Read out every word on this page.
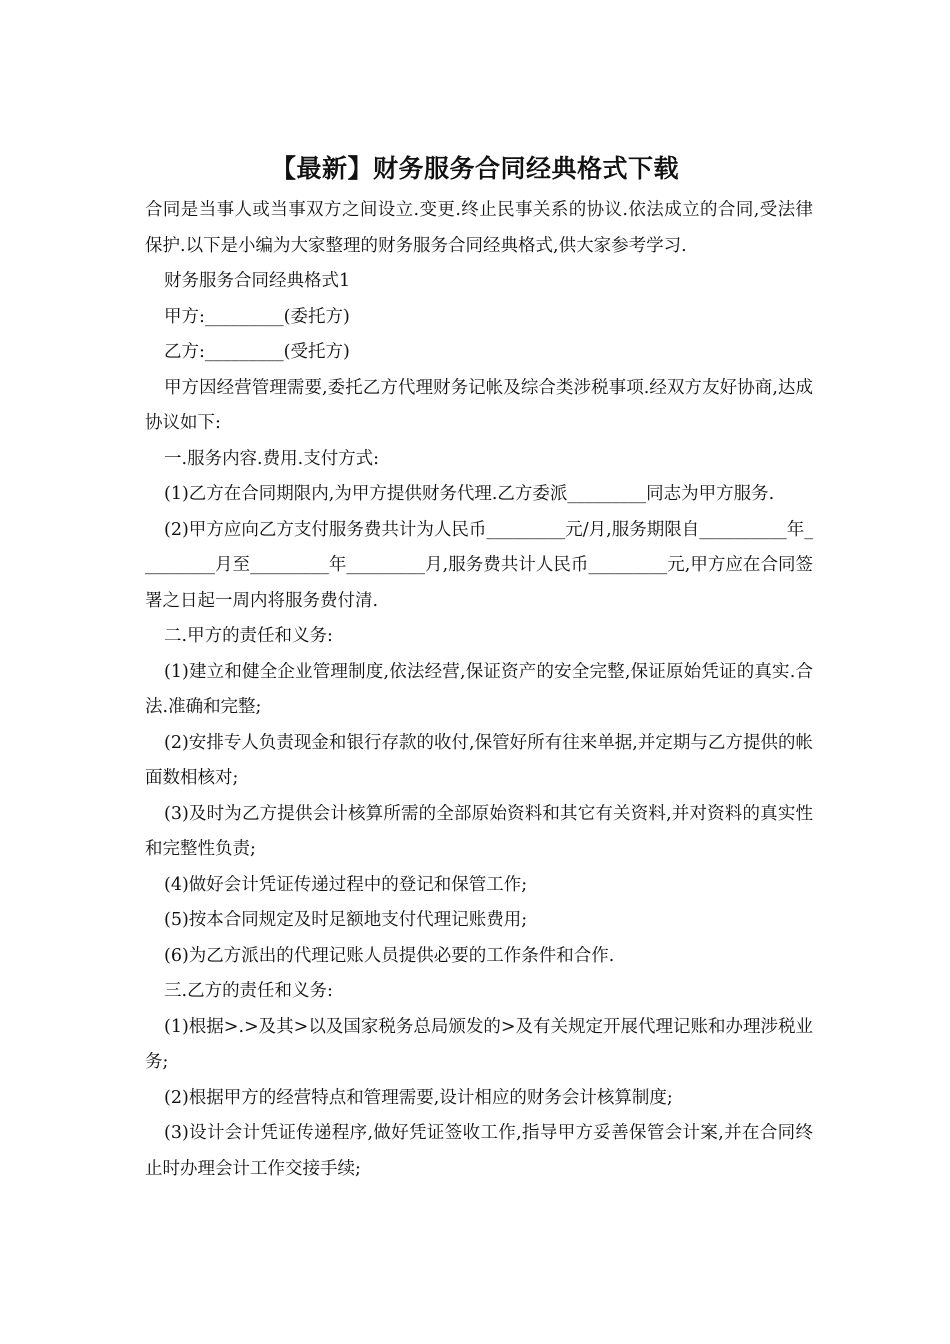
【最新】财务服务合同经典格式下载

合同是当事人或当事双方之间设立.变更.终止民事关系的协议.依法成立的合同,受法律保护.以下是小编为大家整理的财务服务合同经典格式,供大家参考学习.

财务服务合同经典格式1

甲方:_________(委托方)

乙方:_________(受托方)

甲方因经营管理需要,委托乙方代理财务记帐及综合类涉税事项.经双方友好协商,达成协议如下:

一.服务内容.费用.支付方式:

(1)乙方在合同期限内,为甲方提供财务代理.乙方委派_________同志为甲方服务.

(2)甲方应向乙方支付服务费共计为人民币_________元/月,服务期限自__________年_________月至_________年_________月,服务费共计人民币_________元,甲方应在合同签署之日起一周内将服务费付清.

二.甲方的责任和义务:

(1)建立和健全企业管理制度,依法经营,保证资产的安全完整,保证原始凭证的真实.合法.准确和完整;

(2)安排专人负责现金和银行存款的收付,保管好所有往来单据,并定期与乙方提供的帐面数相核对;

(3)及时为乙方提供会计核算所需的全部原始资料和其它有关资料,并对资料的真实性和完整性负责;

(4)做好会计凭证传递过程中的登记和保管工作;

(5)按本合同规定及时足额地支付代理记账费用;

(6)为乙方派出的代理记账人员提供必要的工作条件和合作.

三.乙方的责任和义务:

(1)根据>.>及其>以及国家税务总局颁发的>及有关规定开展代理记账和办理涉税业务;

(2)根据甲方的经营特点和管理需要,设计相应的财务会计核算制度;

(3)设计会计凭证传递程序,做好凭证签收工作,指导甲方妥善保管会计案,并在合同终止时办理会计工作交接手续;
